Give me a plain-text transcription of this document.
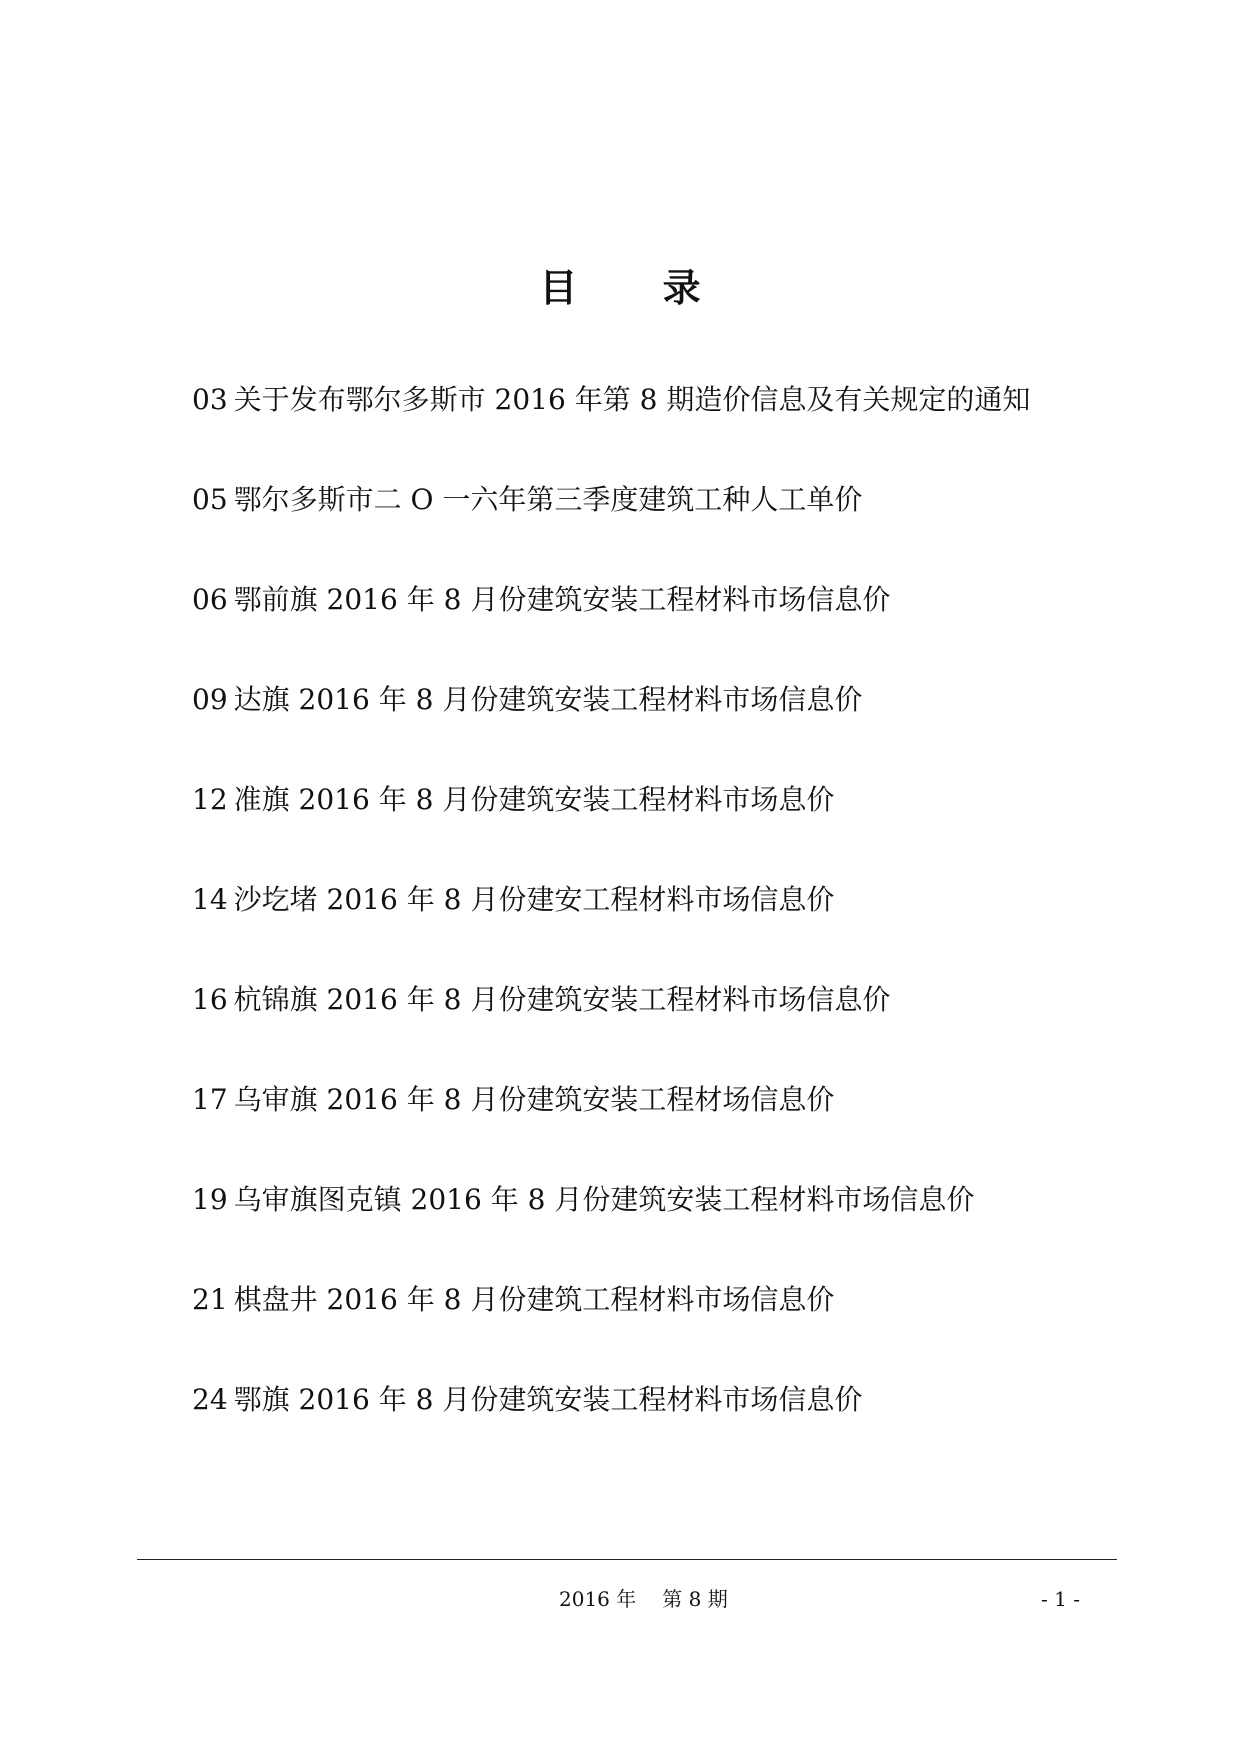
目 录
03 关于发布鄂尔多斯市 2016 年第 8 期造价信息及有关规定的通知
05 鄂尔多斯市二 O 一六年第三季度建筑工种人工单价
06 鄂前旗 2016 年 8 月份建筑安装工程材料市场信息价
09 达旗 2016 年 8 月份建筑安装工程材料市场信息价
12 准旗 2016 年 8 月份建筑安装工程材料市场息价
14 沙圪堵 2016 年 8 月份建安工程材料市场信息价
16 杭锦旗 2016 年 8 月份建筑安装工程材料市场信息价
17 乌审旗 2016 年 8 月份建筑安装工程材场信息价
19 乌审旗图克镇 2016 年 8 月份建筑安装工程材料市场信息价
21 棋盘井 2016 年 8 月份建筑工程材料市场信息价
24 鄂旗 2016 年 8 月份建筑安装工程材料市场信息价
2016 年 第 8 期	- 1 -
